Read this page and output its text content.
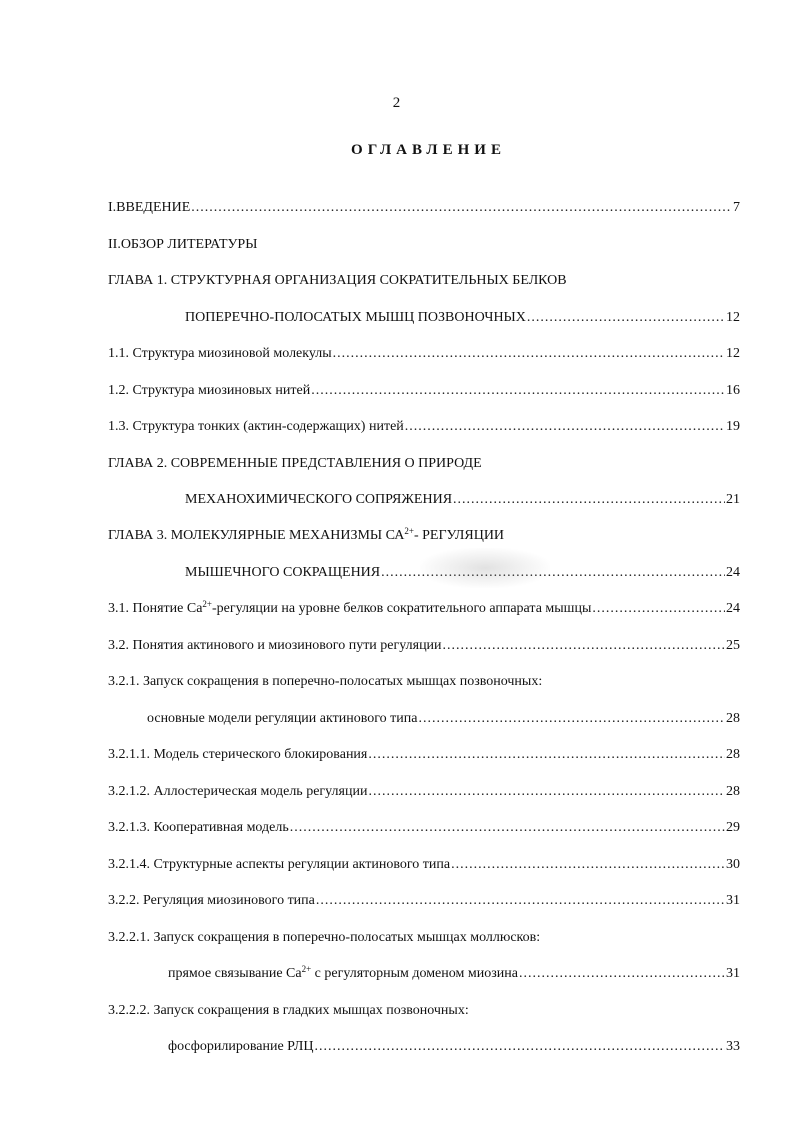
2
ОГЛАВЛЕНИЕ
I.ВВЕДЕНИЕ .....	7
II.ОБЗОР ЛИТЕРАТУРЫ
ГЛАВА 1. СТРУКТУРНАЯ ОРГАНИЗАЦИЯ СОКРАТИТЕЛЬНЫХ БЕЛКОВ
ПОПЕРЕЧНО-ПОЛОСАТЫХ МЫШЦ ПОЗВОНОЧНЫХ .....	12
1.1. Структура миозиновой молекулы .....	12
1.2. Структура миозиновых нитей .....	16
1.3. Структура тонких (актин-содержащих) нитей .....	19
ГЛАВА 2. СОВРЕМЕННЫЕ ПРЕДСТАВЛЕНИЯ О ПРИРОДЕ
МЕХАНОХИМИЧЕСКОГО СОПРЯЖЕНИЯ .....	21
ГЛАВА 3. МОЛЕКУЛЯРНЫЕ МЕХАНИЗМЫ $СА^{2+}-$ РЕГУЛЯЦИИ
МЫШЕЧНОГО СОКРАЩЕНИЯ .....	24
3.1. Понятие $Ca^{2+}$-регуляции на уровне белков сократительного аппарата мышцы .....	24
3.2. Понятия актинового и миозинового пути регуляции .....	25
3.2.1. Запуск сокращения в поперечно-полосатых мышцах позвоночных:
основные модели регуляции актинового типа .....	28
3.2.1.1. Модель стерического блокирования .....	28
3.2.1.2. Аллостерическая модель регуляции .....	28
3.2.1.3. Кооперативная модель .....	29
3.2.1.4. Структурные аспекты регуляции актинового типа .....	30
3.2.2. Регуляция миозинового типа .....	31
3.2.2.1. Запуск сокращения в поперечно-полосатых мышцах моллюсков:
прямое связывание $Ca^{2+}$ с регуляторным доменом миозина .....	31
3.2.2.2. Запуск сокращения в гладких мышцах позвоночных:
фосфорилирование РЛЦ .....	33
